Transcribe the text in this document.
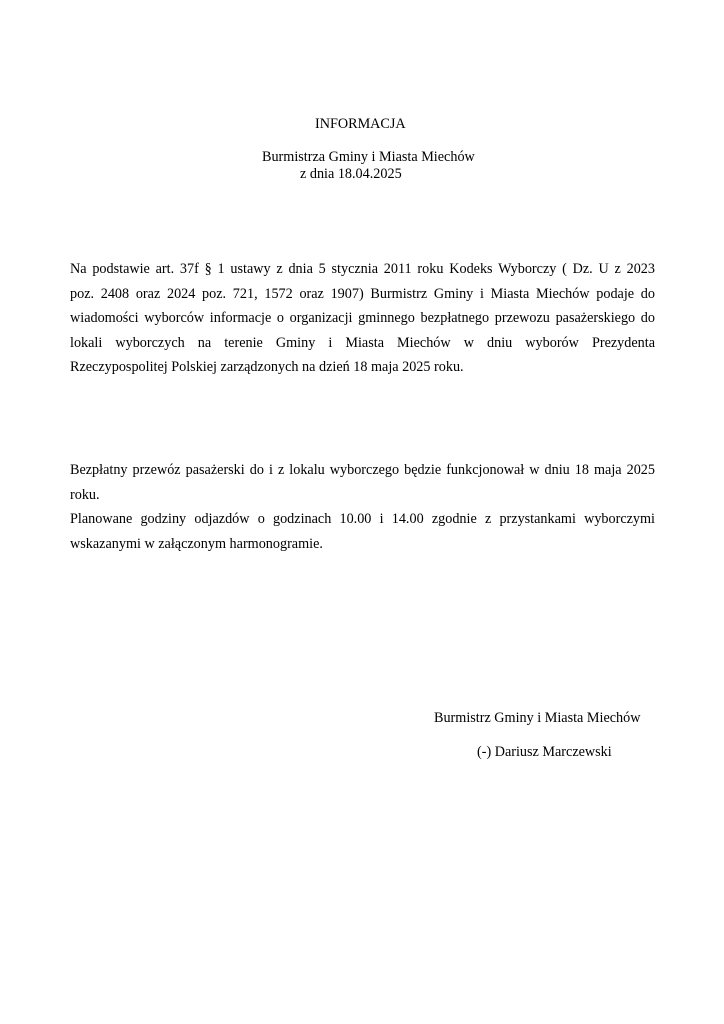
INFORMACJA
Burmistrza Gminy i Miasta Miechów
z dnia 18.04.2025
Na podstawie art. 37f § 1 ustawy z dnia 5 stycznia 2011 roku Kodeks Wyborczy ( Dz. U z 2023
poz. 2408 oraz 2024 poz. 721, 1572 oraz 1907) Burmistrz Gminy i Miasta Miechów podaje do
wiadomości wyborców informacje o organizacji gminnego bezpłatnego przewozu pasażerskiego do
lokali wyborczych na terenie Gminy i Miasta Miechów w dniu wyborów Prezydenta
Rzeczypospolitej Polskiej zarządzonych na dzień 18 maja 2025 roku.
Bezpłatny przewóz pasażerski do i z lokalu wyborczego będzie funkcjonował w dniu 18 maja 2025
roku.
Planowane godziny odjazdów o godzinach 10.00 i 14.00 zgodnie z przystankami wyborczymi
wskazanymi w załączonym harmonogramie.
Burmistrz Gminy i Miasta Miechów
(-) Dariusz Marczewski
